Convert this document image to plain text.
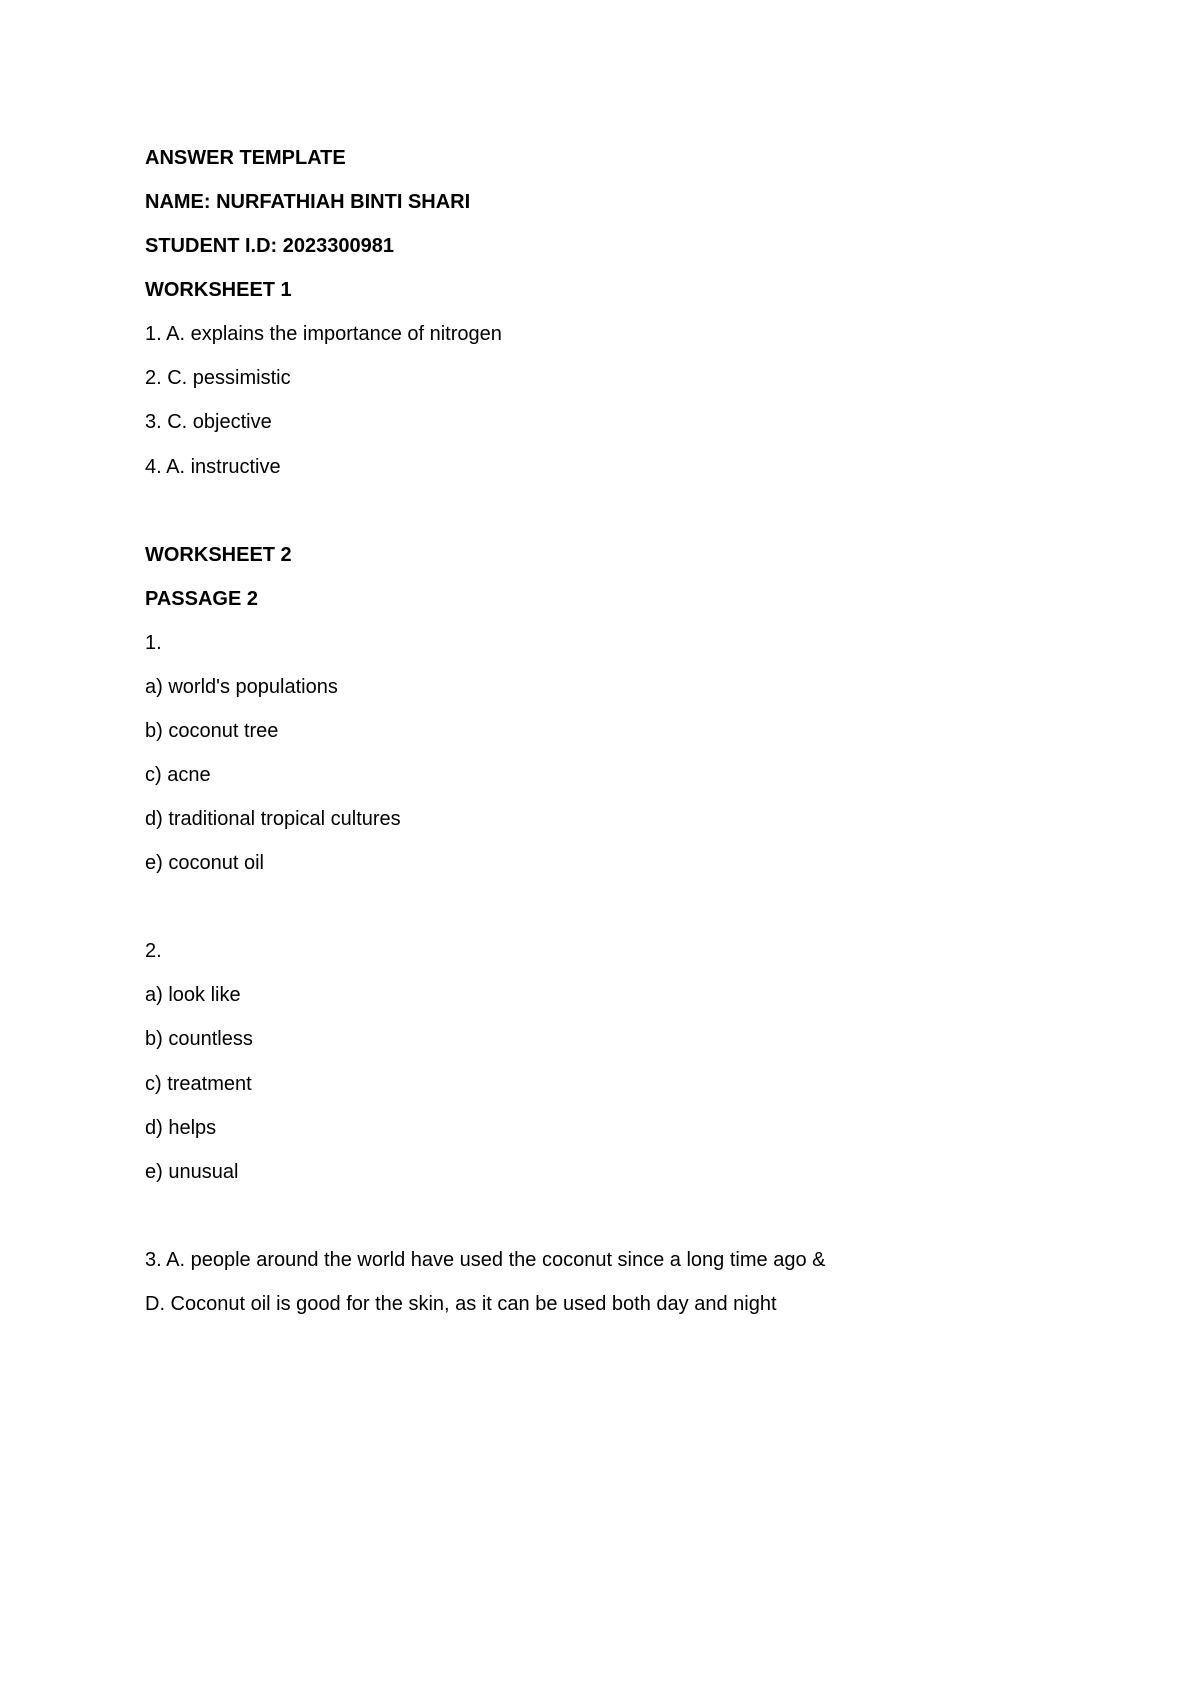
ANSWER TEMPLATE
NAME: NURFATHIAH BINTI SHARI
STUDENT I.D: 2023300981
WORKSHEET 1
1. A. explains the importance of nitrogen
2. C. pessimistic
3. C. objective
4. A. instructive
WORKSHEET 2
PASSAGE 2
1.
a) world's populations
b) coconut tree
c) acne
d) traditional tropical cultures
e) coconut oil
2.
a) look like
b) countless
c) treatment
d) helps
e) unusual
3. A. people around the world have used the coconut since a long time ago &
D. Coconut oil is good for the skin, as it can be used both day and night
